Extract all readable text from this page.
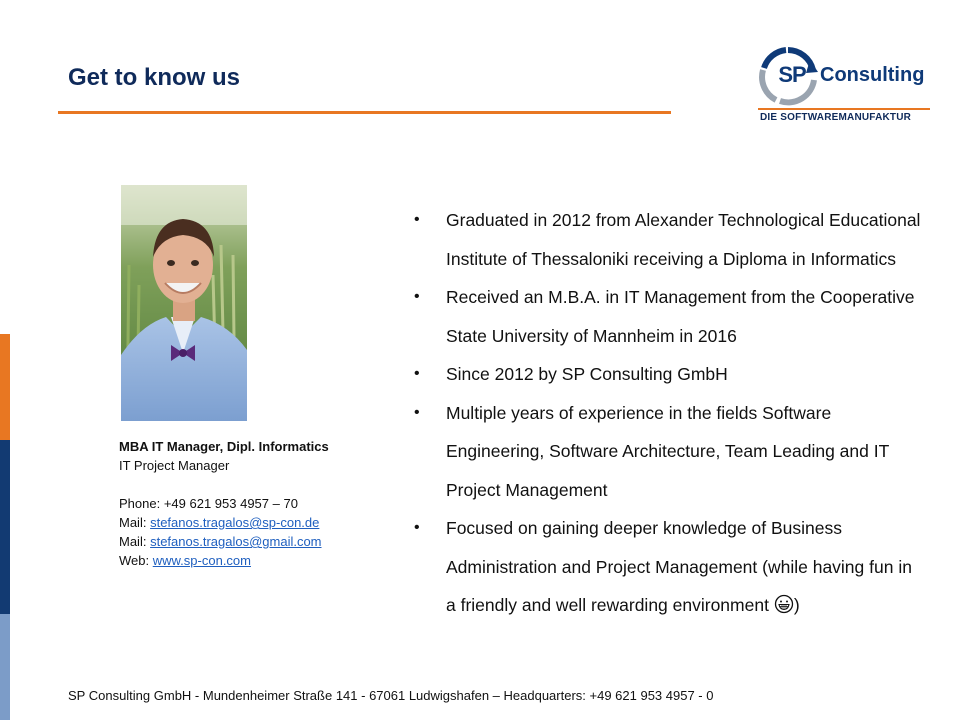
Get to know us	SP Consulting
DIE SOFTWAREMANUFAKTUR
MBA IT Manager, Dipl. Informatics
IT Project Manager
Phone: +49 621 953 4957 – 70
Mail: stefanos.tragalos@sp-con.de
Mail: stefanos.tragalos@gmail.com
Web: www.sp-con.com
• Graduated in 2012 from Alexander Technological Educational Institute of Thessaloniki receiving a Diploma in Informatics
• Received an M.B.A. in IT Management from the Cooperative State University of Mannheim in 2016
• Since 2012 by SP Consulting GmbH
• Multiple years of experience in the fields Software Engineering, Software Architecture, Team Leading and IT Project Management
• Focused on gaining deeper knowledge of Business Administration and Project Management (while having fun in a friendly and well rewarding environment )
SP Consulting GmbH - Mundenheimer Straße 141 - 67061 Ludwigshafen – Headquarters: +49 621 953 4957 - 0
